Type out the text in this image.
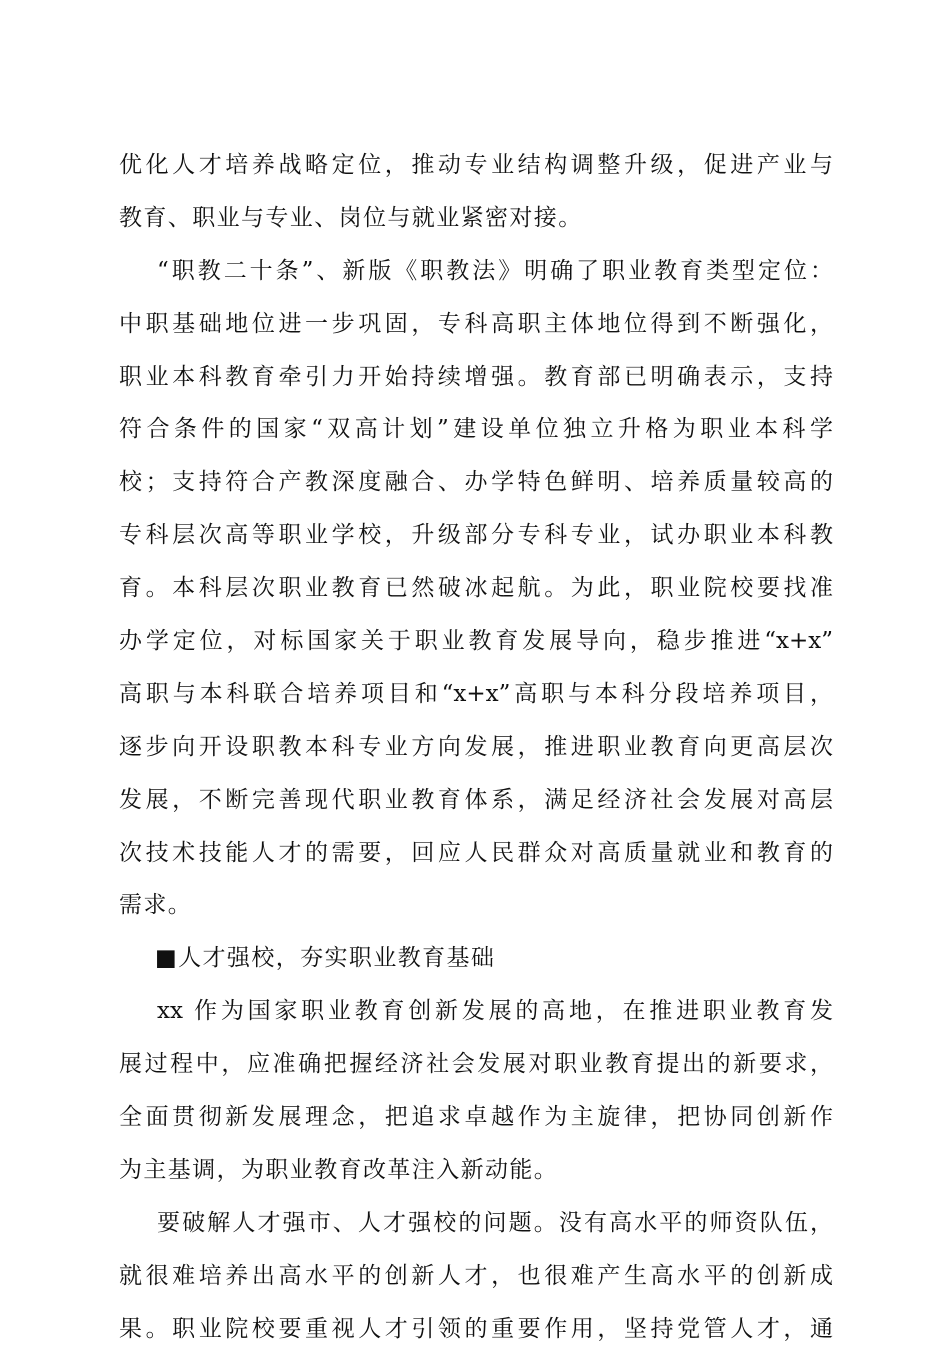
优化人才培养战略定位，推动专业结构调整升级，促进产业与
教育、职业与专业、岗位与就业紧密对接。
“职教二十条”、新版《职教法》明确了职业教育类型定位：
中职基础地位进一步巩固，专科高职主体地位得到不断强化，
职业本科教育牵引力开始持续增强。教育部已明确表示，支持
符合条件的国家“双高计划”建设单位独立升格为职业本科学
校；支持符合产教深度融合、办学特色鲜明、培养质量较高的
专科层次高等职业学校，升级部分专科专业，试办职业本科教
育。本科层次职业教育已然破冰起航。为此，职业院校要找准
办学定位，对标国家关于职业教育发展导向，稳步推进“x+x”
高职与本科联合培养项目和“x+x”高职与本科分段培养项目，
逐步向开设职教本科专业方向发展，推进职业教育向更高层次
发展，不断完善现代职业教育体系，满足经济社会发展对高层
次技术技能人才的需要，回应人民群众对高质量就业和教育的
需求。
■人才强校，夯实职业教育基础
xx 作为国家职业教育创新发展的高地，在推进职业教育发
展过程中，应准确把握经济社会发展对职业教育提出的新要求，
全面贯彻新发展理念，把追求卓越作为主旋律，把协同创新作
为主基调，为职业教育改革注入新动能。
要破解人才强市、人才强校的问题。没有高水平的师资队伍，
就很难培养出高水平的创新人才，也很难产生高水平的创新成
果。职业院校要重视人才引领的重要作用，坚持党管人才，通
